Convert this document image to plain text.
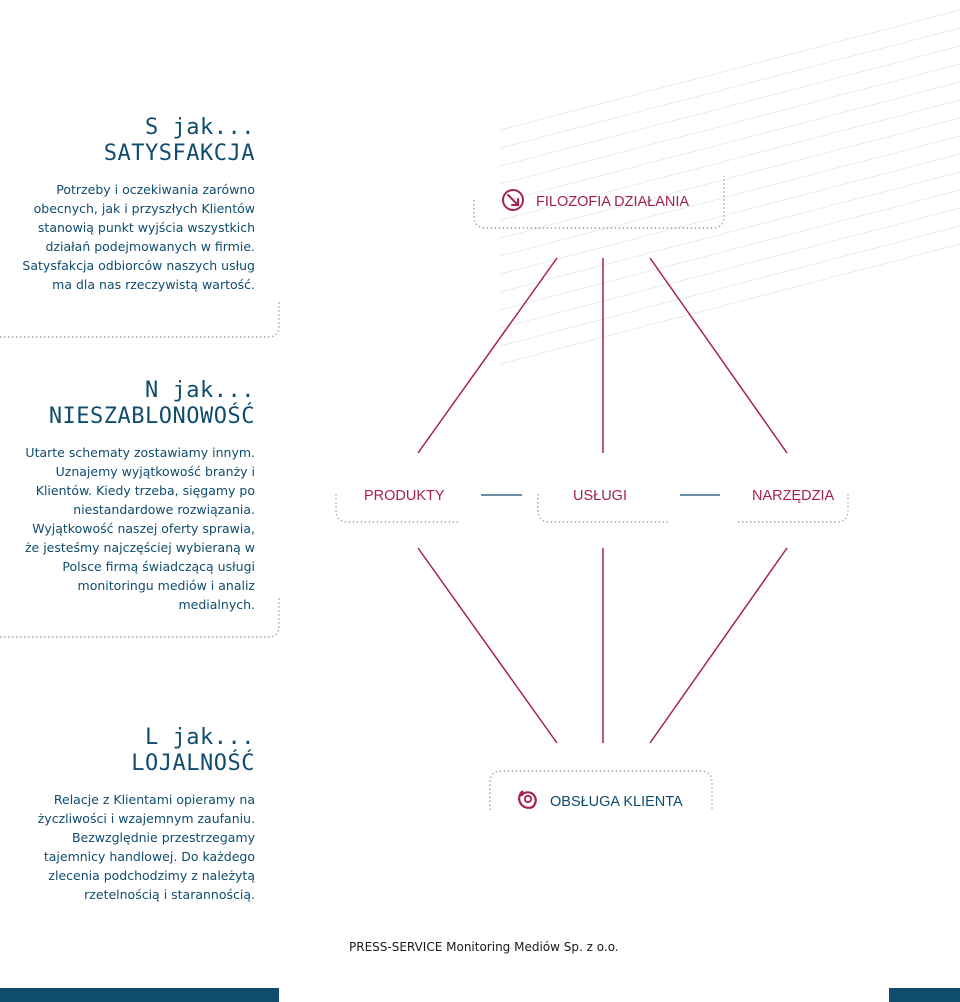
FILOZOFIA DZIAŁANIA
PRODUKTY	USŁUGI	NARZĘDZIA
OBSŁUGA KLIENTA
S jak...
SATYSFAKCJA
Potrzeby i oczekiwania zarówno obecnych, jak i przyszłych Klientów stanowią punkt wyjścia wszystkich działań podejmowanych w firmie. Satysfakcja odbiorców naszych usług ma dla nas rzeczywistą wartość.
N jak...
NIESZABLONOWOŚĆ
Utarte schematy zostawiamy innym. Uznajemy wyjątkowość branży i Klientów. Kiedy trzeba, sięgamy po niestandardowe rozwiązania. Wyjątkowość naszej oferty sprawia, że jesteśmy najczęściej wybieraną w Polsce firmą świadczącą usługi monitoringu mediów i analiz medialnych.
L jak...
LOJALNOŚĆ
Relacje z Klientami opieramy na życzliwości i wzajemnym zaufaniu. Bezwzględnie przestrzegamy tajemnicy handlowej. Do każdego zlecenia podchodzimy z należytą rzetelnością i starannością.
PRESS-SERVICE Monitoring Mediów Sp. z o.o.
